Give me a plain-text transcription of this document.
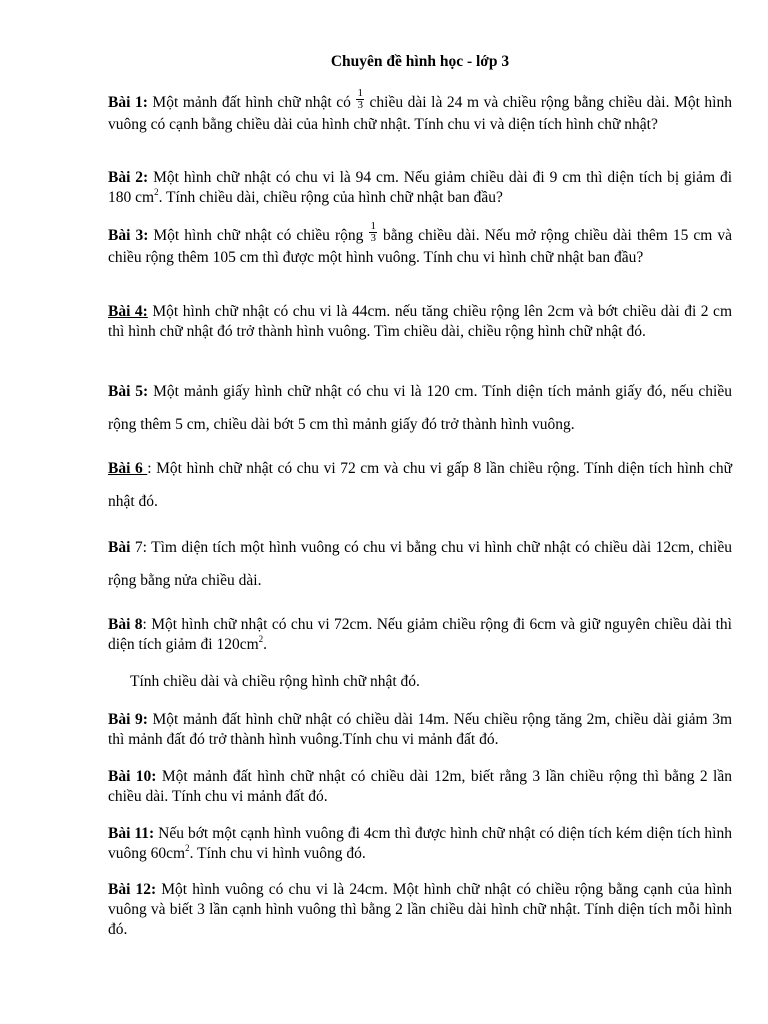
Chuyên đề hình học - lớp 3
Bài 1: Một mảnh đất hình chữ nhật có $\frac{1}{3}$ chiều dài là 24 m và chiều rộng bằng chiều dài. Một hình vuông có cạnh bằng chiều dài của hình chữ nhật. Tính chu vi và diện tích hình chữ nhật?
Bài 2: Một hình chữ nhật có chu vi là 94 cm. Nếu giảm chiều dài đi 9 cm thì diện tích bị giảm đi 180 $cm^2$. Tính chiều dài, chiều rộng của hình chữ nhật ban đầu?
Bài 3: Một hình chữ nhật có chiều rộng $\frac{1}{3}$ bằng chiều dài. Nếu mở rộng chiều dài thêm 15 cm và chiều rộng thêm 105 cm thì được một hình vuông. Tính chu vi hình chữ nhật ban đầu?
Bài 4: Một hình chữ nhật có chu vi là 44cm. nếu tăng chiều rộng lên 2cm và bớt chiều dài đi 2 cm thì hình chữ nhật đó trở thành hình vuông. Tìm chiều dài, chiều rộng hình chữ nhật đó.
Bài 5: Một mảnh giấy hình chữ nhật có chu vi là 120 cm. Tính diện tích mảnh giấy đó, nếu chiều rộng thêm 5 cm, chiều dài bớt 5 cm thì mảnh giấy đó trở thành hình vuông.
Bài 6 : Một hình chữ nhật có chu vi 72 cm và chu vi gấp 8 lần chiều rộng. Tính diện tích hình chữ nhật đó.
Bài 7: Tìm diện tích một hình vuông có chu vi bằng chu vi hình chữ nhật có chiều dài 12cm, chiều rộng bằng nửa chiều dài.
Bài 8: Một hình chữ nhật có chu vi 72cm. Nếu giảm chiều rộng đi 6cm và giữ nguyên chiều dài thì diện tích giảm đi $120cm^2$.
Tính chiều dài và chiều rộng hình chữ nhật đó.
Bài 9: Một mảnh đất hình chữ nhật có chiều dài 14m. Nếu chiều rộng tăng 2m, chiều dài giảm 3m thì mảnh đất đó trở thành hình vuông.Tính chu vi mảnh đất đó.
Bài 10: Một mảnh đất hình chữ nhật có chiều dài 12m, biết rằng 3 lần chiều rộng thì bằng 2 lần chiều dài. Tính chu vi mảnh đất đó.
Bài 11: Nếu bớt một cạnh hình vuông đi 4cm thì được hình chữ nhật có diện tích kém diện tích hình vuông $60cm^2$. Tính chu vi hình vuông đó.
Bài 12: Một hình vuông có chu vi là 24cm. Một hình chữ nhật có chiều rộng bằng cạnh của hình vuông và biết 3 lần cạnh hình vuông thì bằng 2 lần chiều dài hình chữ nhật. Tính diện tích mỗi hình đó.
